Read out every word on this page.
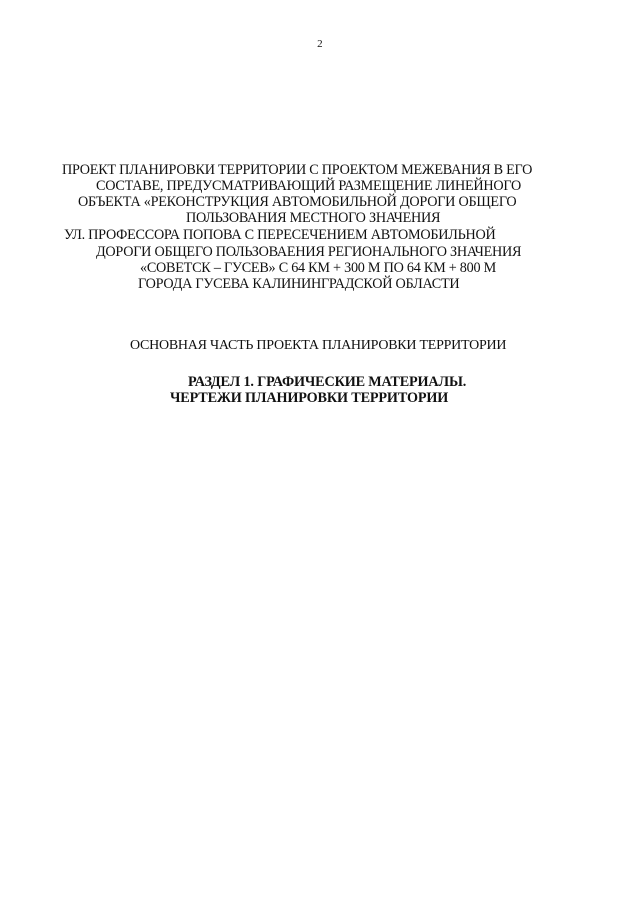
2
ПРОЕКТ ПЛАНИРОВКИ ТЕРРИТОРИИ С ПРОЕКТОМ МЕЖЕВАНИЯ В ЕГО
СОСТАВЕ, ПРЕДУСМАТРИВАЮЩИЙ РАЗМЕЩЕНИЕ ЛИНЕЙНОГО
ОБЪЕКТА «РЕКОНСТРУКЦИЯ АВТОМОБИЛЬНОЙ ДОРОГИ ОБЩЕГО
ПОЛЬЗОВАНИЯ МЕСТНОГО ЗНАЧЕНИЯ
УЛ. ПРОФЕССОРА ПОПОВА С ПЕРЕСЕЧЕНИЕМ АВТОМОБИЛЬНОЙ
ДОРОГИ ОБЩЕГО ПОЛЬЗОВАЕНИЯ РЕГИОНАЛЬНОГО ЗНАЧЕНИЯ
«СОВЕТСК – ГУСЕВ» С 64 КМ + 300 М ПО 64 КМ + 800 М
ГОРОДА ГУСЕВА КАЛИНИНГРАДСКОЙ ОБЛАСТИ
ОСНОВНАЯ ЧАСТЬ ПРОЕКТА ПЛАНИРОВКИ ТЕРРИТОРИИ
РАЗДЕЛ 1. ГРАФИЧЕСКИЕ МАТЕРИАЛЫ.
ЧЕРТЕЖИ ПЛАНИРОВКИ ТЕРРИТОРИИ
